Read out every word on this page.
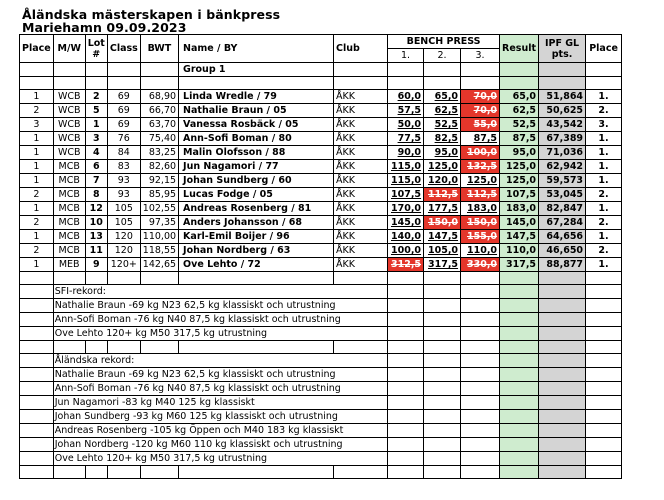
Åländska mästerskapen i bänkpress
Mariehamn 09.09.2023
Place	M/W	Lot #	Class	BWT	Name / BY	Club	BENCH PRESS			Result	IPF GL pts.	Place
							1.	2.	3.			
					Group 1							

1	WCB	2	69	68,90	Linda Wredle / 79	ÅKK	60,0	65,0	70,0	65,0	51,864	1.
2	WCB	5	69	66,70	Nathalie Braun / 05	ÅKK	57,5	62,5	70,0	62,5	50,625	2.
3	WCB	1	69	63,70	Vanessa Rosbäck / 05	ÅKK	50,0	52,5	55,0	52,5	43,542	3.
1	WCB	3	76	75,40	Ann-Sofi Boman / 80	ÅKK	77,5	82,5	87,5	87,5	67,389	1.
1	WCB	4	84	83,25	Malin Olofsson / 88	ÅKK	90,0	95,0	100,0	95,0	71,036	1.
1	MCB	6	83	82,60	Jun Nagamori / 77	ÅKK	115,0	125,0	132,5	125,0	62,942	1.
1	MCB	7	93	92,15	Johan Sundberg / 60	ÅKK	115,0	120,0	125,0	125,0	59,573	1.
2	MCB	8	93	85,95	Lucas Fodge / 05	ÅKK	107,5	112,5	112,5	107,5	53,045	2.
1	MCB	12	105	102,55	Andreas Rosenberg / 81	ÅKK	170,0	177,5	183,0	183,0	82,847	1.
2	MCB	10	105	97,35	Anders Johansson / 68	ÅKK	145,0	150,0	150,0	145,0	67,284	2.
1	MCB	13	120	110,00	Karl-Emil Boijer / 96	ÅKK	140,0	147,5	155,0	147,5	64,656	1.
2	MCB	11	120	118,55	Johan Nordberg / 63	ÅKK	100,0	105,0	110,0	110,0	46,650	2.
1	MEB	9	120+	142,65	Ove Lehto / 72	ÅKK	312,5	317,5	330,0	317,5	88,877	1.

	SFI-rekord:											
	Nathalie Braun -69 kg N23 62,5 kg klassiskt och utrustning											
	Ann-Sofi Boman -76 kg N40 87,5 kg klassiskt och utrustning											
	Ove Lehto 120+ kg M50 317,5 kg utrustning											

	Åländska rekord:											
	Nathalie Braun -69 kg N23 62,5 kg klassiskt och utrustning											
	Ann-Sofi Boman -76 kg N40 87,5 kg klassiskt och utrustning											
	Jun Nagamori -83 kg M40 125 kg klassiskt											
	Johan Sundberg -93 kg M60 125 kg klassiskt och utrustning											
	Andreas Rosenberg -105 kg Öppen och M40 183 kg klassiskt											
	Johan Nordberg -120 kg M60 110 kg klassiskt och utrustning											
	Ove Lehto 120+ kg M50 317,5 kg utrustning											
